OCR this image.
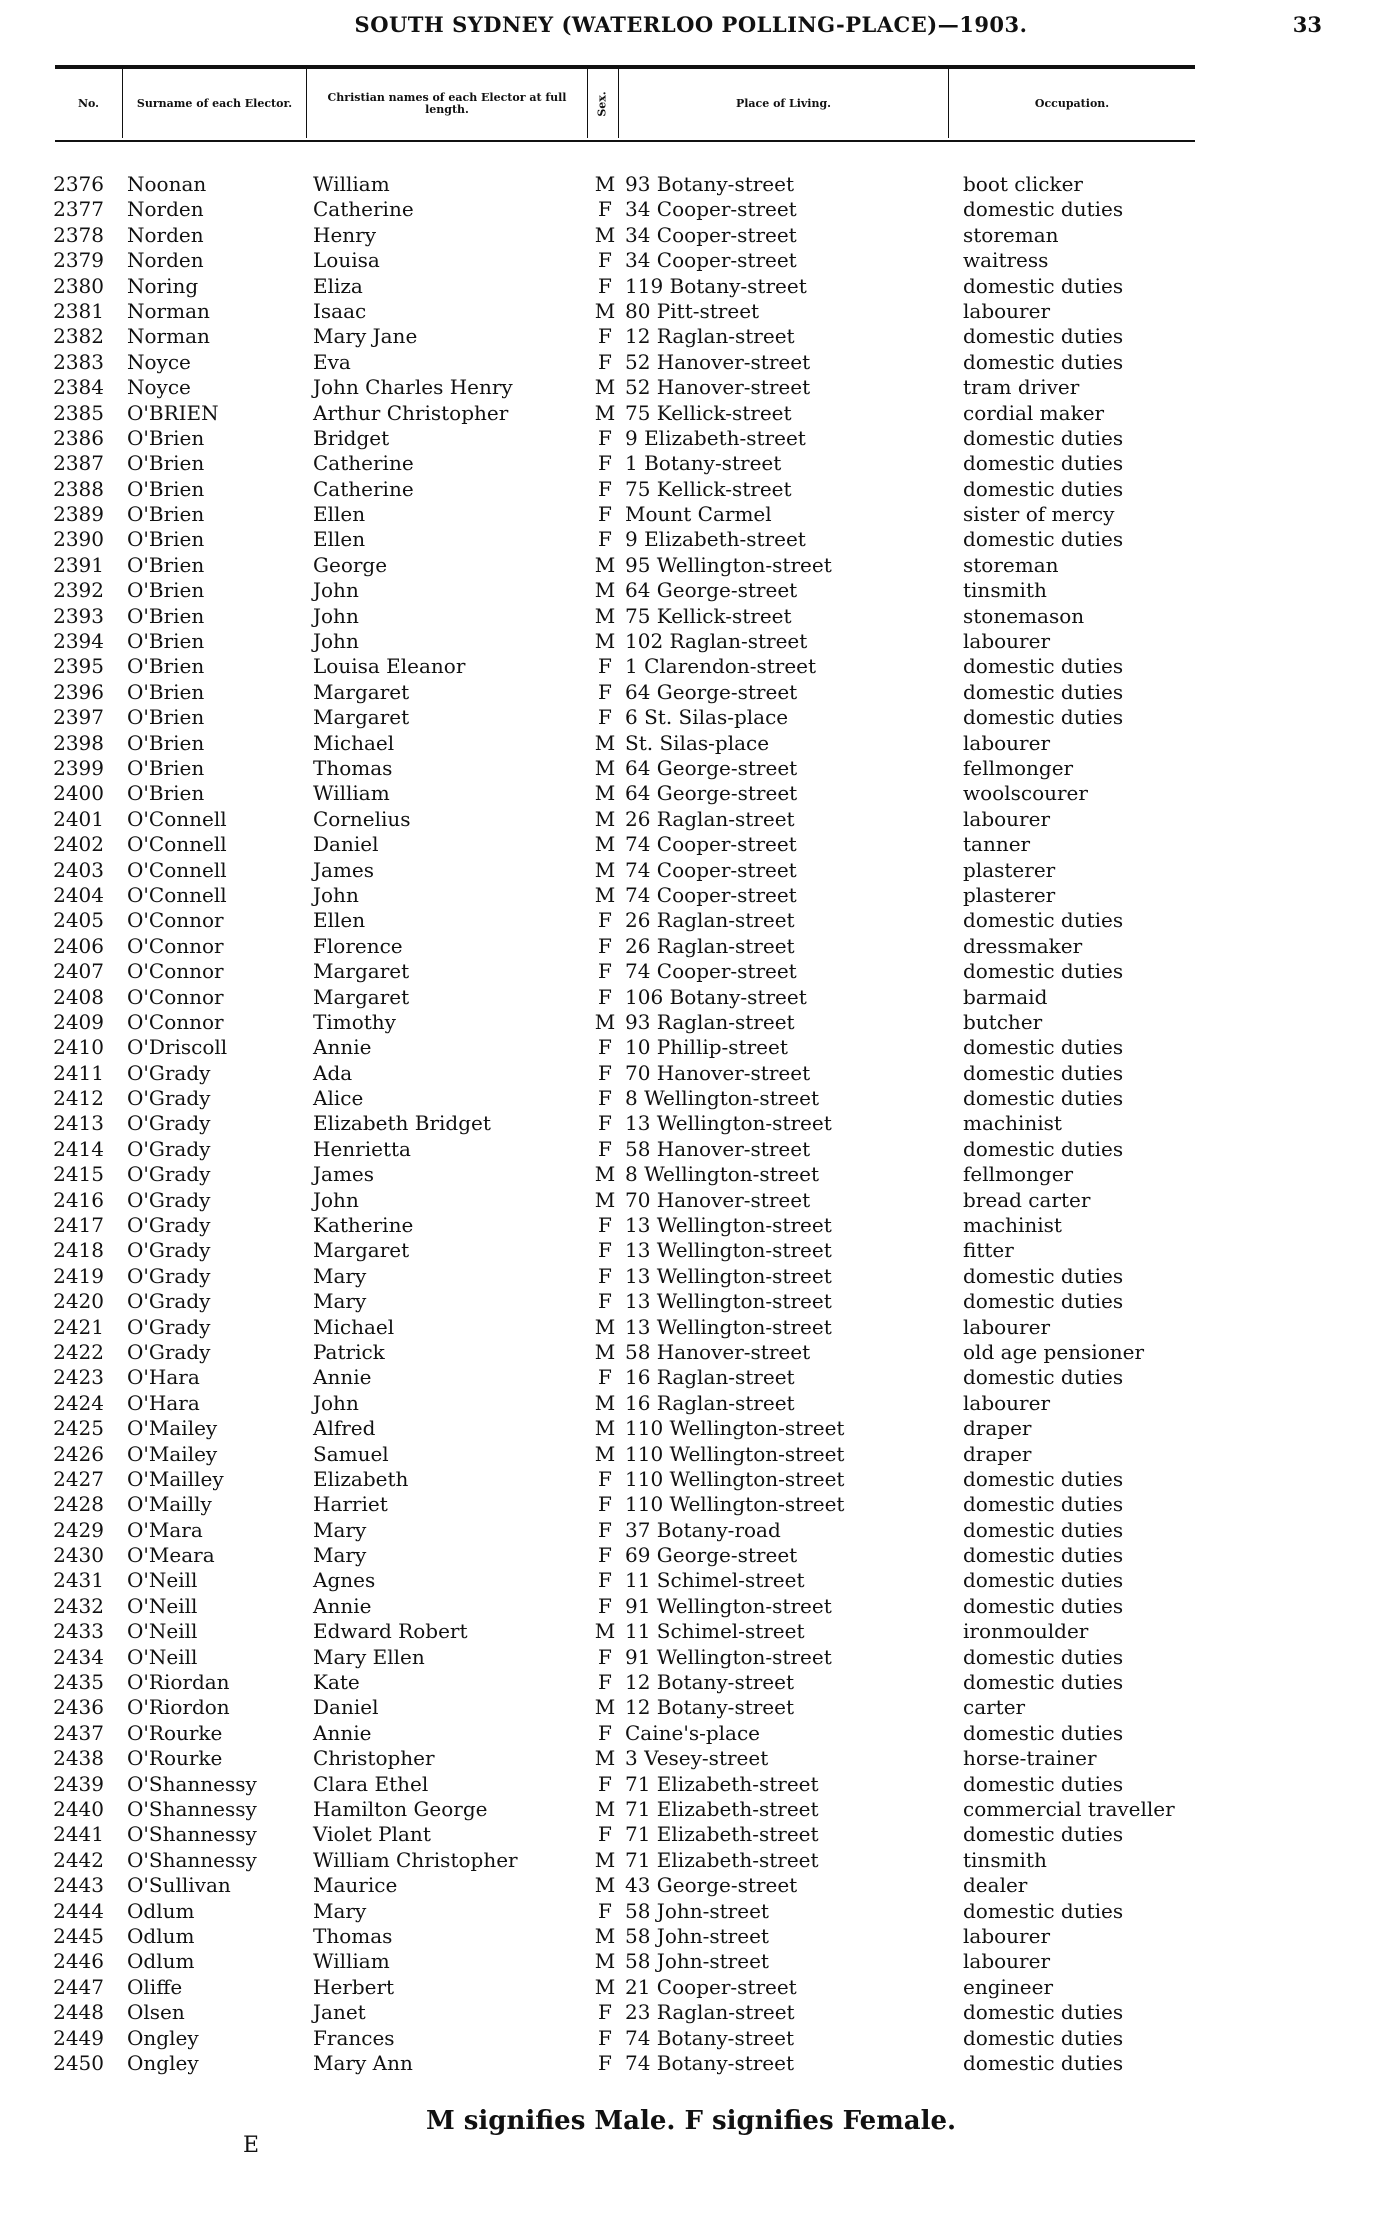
SOUTH SYDNEY (WATERLOO POLLING-PLACE)—1903.	33
No.	Surname of each Elector.	Christian names of each Elector at full length.	Sex.	Place of Living.	Occupation.
2376 Noonan	William	M 93 Botany-street	boot clicker
2377 Norden	Catherine	F 34 Cooper-street	domestic duties
2378 Norden	Henry	M 34 Cooper-street	storeman
2379 Norden	Louisa	F 34 Cooper-street	waitress
2380 Noring	Eliza	F 119 Botany-street	domestic duties
2381 Norman	Isaac	M 80 Pitt-street	labourer
2382 Norman	Mary Jane	F 12 Raglan-street	domestic duties
2383 Noyce	Eva	F 52 Hanover-street	domestic duties
2384 Noyce	John Charles Henry	M 52 Hanover-street	tram driver
2385 O'BRIEN	Arthur Christopher	M 75 Kellick-street	cordial maker
2386 O'Brien	Bridget	F 9 Elizabeth-street	domestic duties
2387 O'Brien	Catherine	F 1 Botany-street	domestic duties
2388 O'Brien	Catherine	F 75 Kellick-street	domestic duties
2389 O'Brien	Ellen	F Mount Carmel	sister of mercy
2390 O'Brien	Ellen	F 9 Elizabeth-street	domestic duties
2391 O'Brien	George	M 95 Wellington-street	storeman
2392 O'Brien	John	M 64 George-street	tinsmith
2393 O'Brien	John	M 75 Kellick-street	stonemason
2394 O'Brien	John	M 102 Raglan-street	labourer
2395 O'Brien	Louisa Eleanor	F 1 Clarendon-street	domestic duties
2396 O'Brien	Margaret	F 64 George-street	domestic duties
2397 O'Brien	Margaret	F 6 St. Silas-place	domestic duties
2398 O'Brien	Michael	M St. Silas-place	labourer
2399 O'Brien	Thomas	M 64 George-street	fellmonger
2400 O'Brien	William	M 64 George-street	woolscourer
2401 O'Connell	Cornelius	M 26 Raglan-street	labourer
2402 O'Connell	Daniel	M 74 Cooper-street	tanner
2403 O'Connell	James	M 74 Cooper-street	plasterer
2404 O'Connell	John	M 74 Cooper-street	plasterer
2405 O'Connor	Ellen	F 26 Raglan-street	domestic duties
2406 O'Connor	Florence	F 26 Raglan-street	dressmaker
2407 O'Connor	Margaret	F 74 Cooper-street	domestic duties
2408 O'Connor	Margaret	F 106 Botany-street	barmaid
2409 O'Connor	Timothy	M 93 Raglan-street	butcher
2410 O'Driscoll	Annie	F 10 Phillip-street	domestic duties
2411 O'Grady	Ada	F 70 Hanover-street	domestic duties
2412 O'Grady	Alice	F 8 Wellington-street	domestic duties
2413 O'Grady	Elizabeth Bridget	F 13 Wellington-street	machinist
2414 O'Grady	Henrietta	F 58 Hanover-street	domestic duties
2415 O'Grady	James	M 8 Wellington-street	fellmonger
2416 O'Grady	John	M 70 Hanover-street	bread carter
2417 O'Grady	Katherine	F 13 Wellington-street	machinist
2418 O'Grady	Margaret	F 13 Wellington-street	fitter
2419 O'Grady	Mary	F 13 Wellington-street	domestic duties
2420 O'Grady	Mary	F 13 Wellington-street	domestic duties
2421 O'Grady	Michael	M 13 Wellington-street	labourer
2422 O'Grady	Patrick	M 58 Hanover-street	old age pensioner
2423 O'Hara	Annie	F 16 Raglan-street	domestic duties
2424 O'Hara	John	M 16 Raglan-street	labourer
2425 O'Mailey	Alfred	M 110 Wellington-street	draper
2426 O'Mailey	Samuel	M 110 Wellington-street	draper
2427 O'Mailley	Elizabeth	F 110 Wellington-street	domestic duties
2428 O'Mailly	Harriet	F 110 Wellington-street	domestic duties
2429 O'Mara	Mary	F 37 Botany-road	domestic duties
2430 O'Meara	Mary	F 69 George-street	domestic duties
2431 O'Neill	Agnes	F 11 Schimel-street	domestic duties
2432 O'Neill	Annie	F 91 Wellington-street	domestic duties
2433 O'Neill	Edward Robert	M 11 Schimel-street	ironmoulder
2434 O'Neill	Mary Ellen	F 91 Wellington-street	domestic duties
2435 O'Riordan	Kate	F 12 Botany-street	domestic duties
2436 O'Riordon	Daniel	M 12 Botany-street	carter
2437 O'Rourke	Annie	F Caine's-place	domestic duties
2438 O'Rourke	Christopher	M 3 Vesey-street	horse-trainer
2439 O'Shannessy	Clara Ethel	F 71 Elizabeth-street	domestic duties
2440 O'Shannessy	Hamilton George	M 71 Elizabeth-street	commercial traveller
2441 O'Shannessy	Violet Plant	F 71 Elizabeth-street	domestic duties
2442 O'Shannessy	William Christopher	M 71 Elizabeth-street	tinsmith
2443 O'Sullivan	Maurice	M 43 George-street	dealer
2444 Odlum	Mary	F 58 John-street	domestic duties
2445 Odlum	Thomas	M 58 John-street	labourer
2446 Odlum	William	M 58 John-street	labourer
2447 Oliffe	Herbert	M 21 Cooper-street	engineer
2448 Olsen	Janet	F 23 Raglan-street	domestic duties
2449 Ongley	Frances	F 74 Botany-street	domestic duties
2450 Ongley	Mary Ann	F 74 Botany-street	domestic duties
M signifies Male. F signifies Female.
E
